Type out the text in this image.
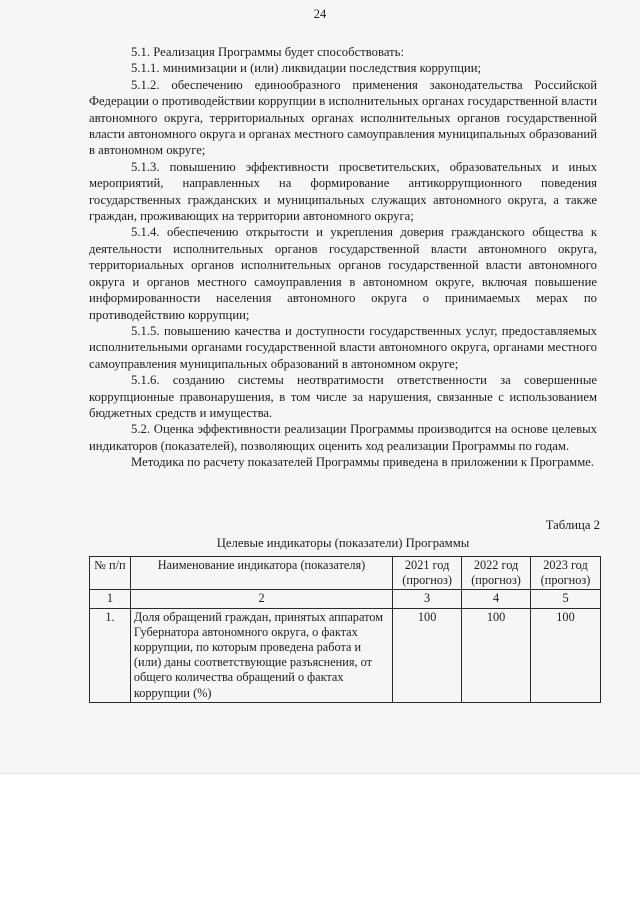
24

5.1. Реализация Программы будет способствовать:

5.1.1. минимизации и (или) ликвидации последствия коррупции;

5.1.2. обеспечению единообразного применения законодательства Российской Федерации о противодействии коррупции в исполнительных органах государственной власти автономного округа, территориальных органах исполнительных органов государственной власти автономного округа и органах местного самоуправления муниципальных образований в автономном округе;

5.1.3. повышению эффективности просветительских, образовательных и иных мероприятий, направленных на формирование антикоррупционного поведения государственных гражданских и муниципальных служащих автономного округа, а также граждан, проживающих на территории автономного округа;

5.1.4. обеспечению открытости и укрепления доверия гражданского общества к деятельности исполнительных органов государственной власти автономного округа, территориальных органов исполнительных органов государственной власти автономного округа и органов местного самоуправления в автономном округе, включая повышение информированности населения автономного округа о принимаемых мерах по противодействию коррупции;

5.1.5. повышению качества и доступности государственных услуг, предоставляемых исполнительными органами государственной власти автономного округа, органами местного самоуправления муниципальных образований в автономном округе;

5.1.6. созданию системы неотвратимости ответственности за совершенные коррупционные правонарушения, в том числе за нарушения, связанные с использованием бюджетных средств и имущества.

5.2. Оценка эффективности реализации Программы производится на основе целевых индикаторов (показателей), позволяющих оценить ход реализации Программы по годам.

Методика по расчету показателей Программы приведена в приложении к Программе.

Таблица 2
Целевые индикаторы (показатели) Программы
№ п/п	Наименование индикатора (показателя)	2021 год (прогноз)	2022 год (прогноз)	2023 год (прогноз)
1	2	3	4	5
1.	Доля обращений граждан, принятых аппаратом Губернатора автономного округа, о фактах коррупции, по которым проведена работа и (или) даны соответствующие разъяснения, от общего количества обращений о фактах коррупции (%)	100	100	100
